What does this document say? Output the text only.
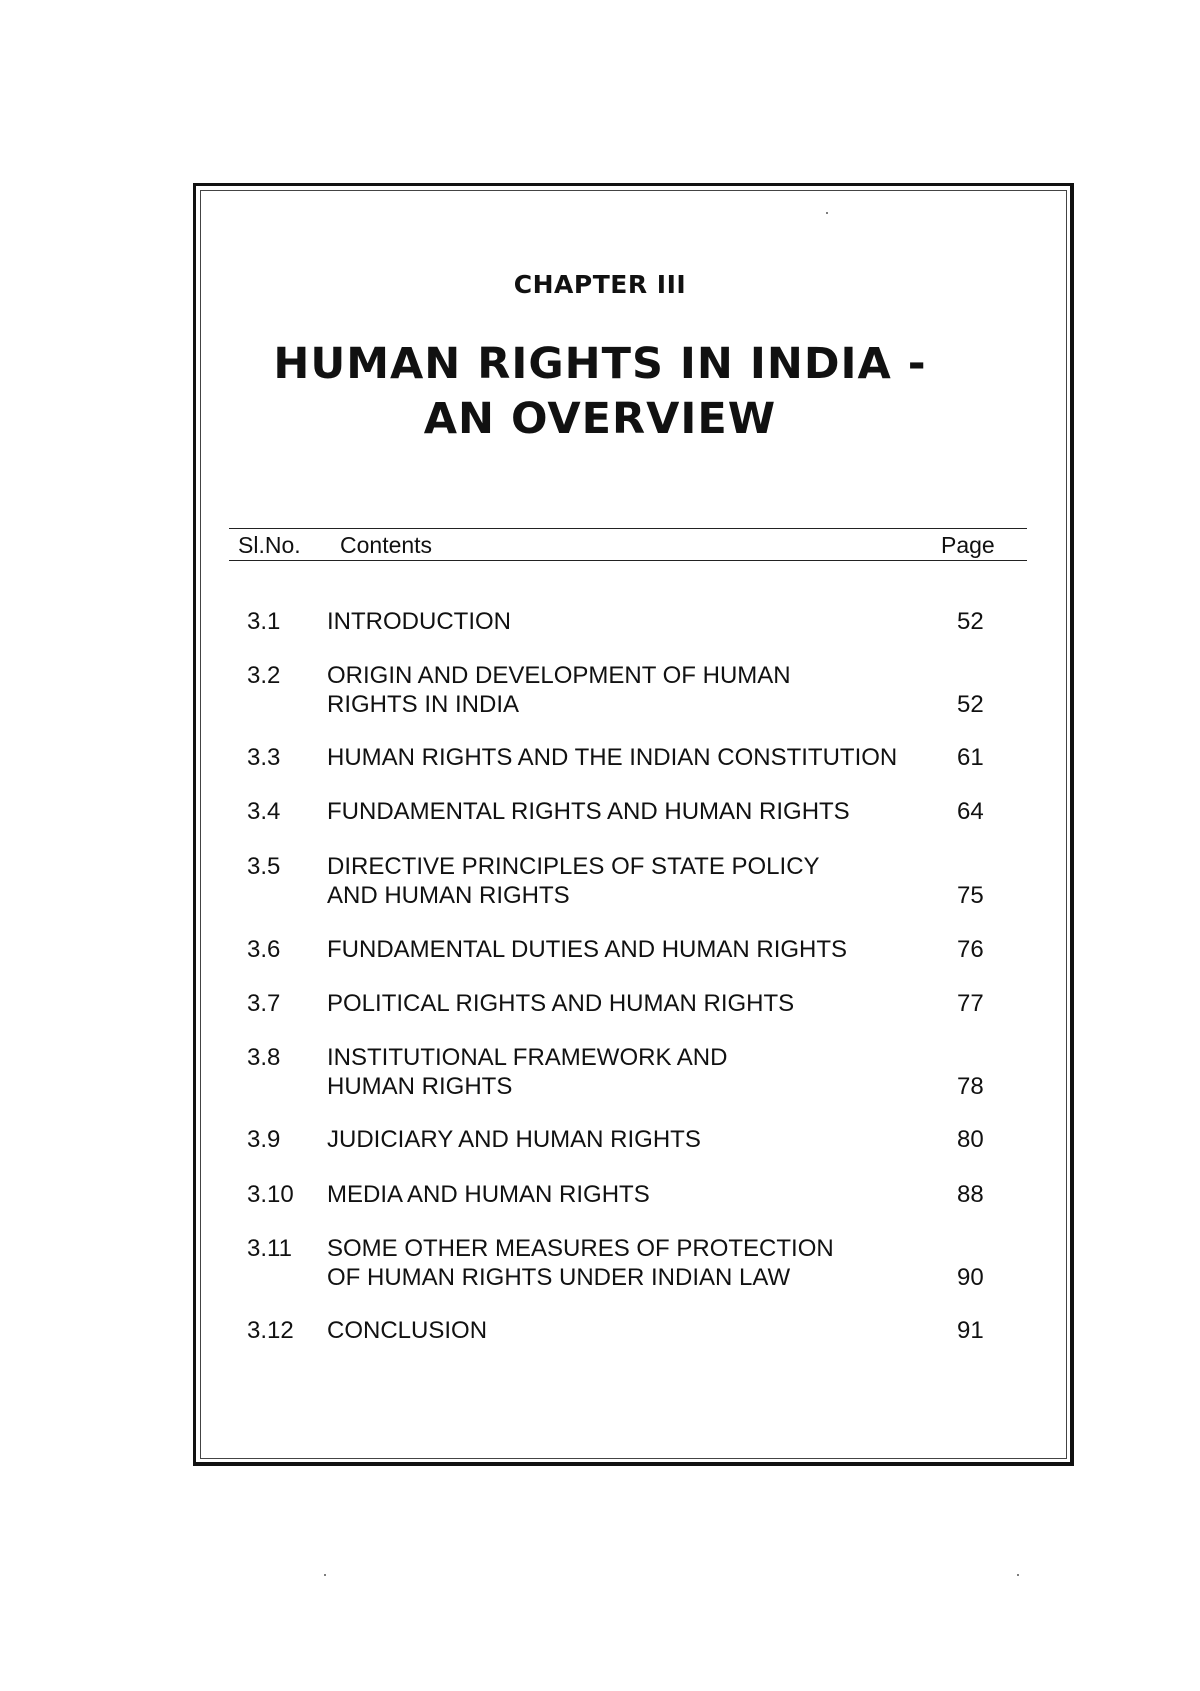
CHAPTER III
HUMAN RIGHTS IN INDIA -
AN OVERVIEW
Sl.No. Contents	Page
3.1 INTRODUCTION	52
3.2 ORIGIN AND DEVELOPMENT OF HUMAN
RIGHTS IN INDIA	52
3.3 HUMAN RIGHTS AND THE INDIAN CONSTITUTION 61
3.4 FUNDAMENTAL RIGHTS AND HUMAN RIGHTS	64
3.5 DIRECTIVE PRINCIPLES OF STATE POLICY
AND HUMAN RIGHTS	75
3.6 FUNDAMENTAL DUTIES AND HUMAN RIGHTS	76
3.7 POLITICAL RIGHTS AND HUMAN RIGHTS	77
3.8 INSTITUTIONAL FRAMEWORK AND
HUMAN RIGHTS	78
3.9 JUDICIARY AND HUMAN RIGHTS	80
3.10 MEDIA AND HUMAN RIGHTS	88
3.11 SOME OTHER MEASURES OF PROTECTION
OF HUMAN RIGHTS UNDER INDIAN LAW	90
3.12 CONCLUSION	91
